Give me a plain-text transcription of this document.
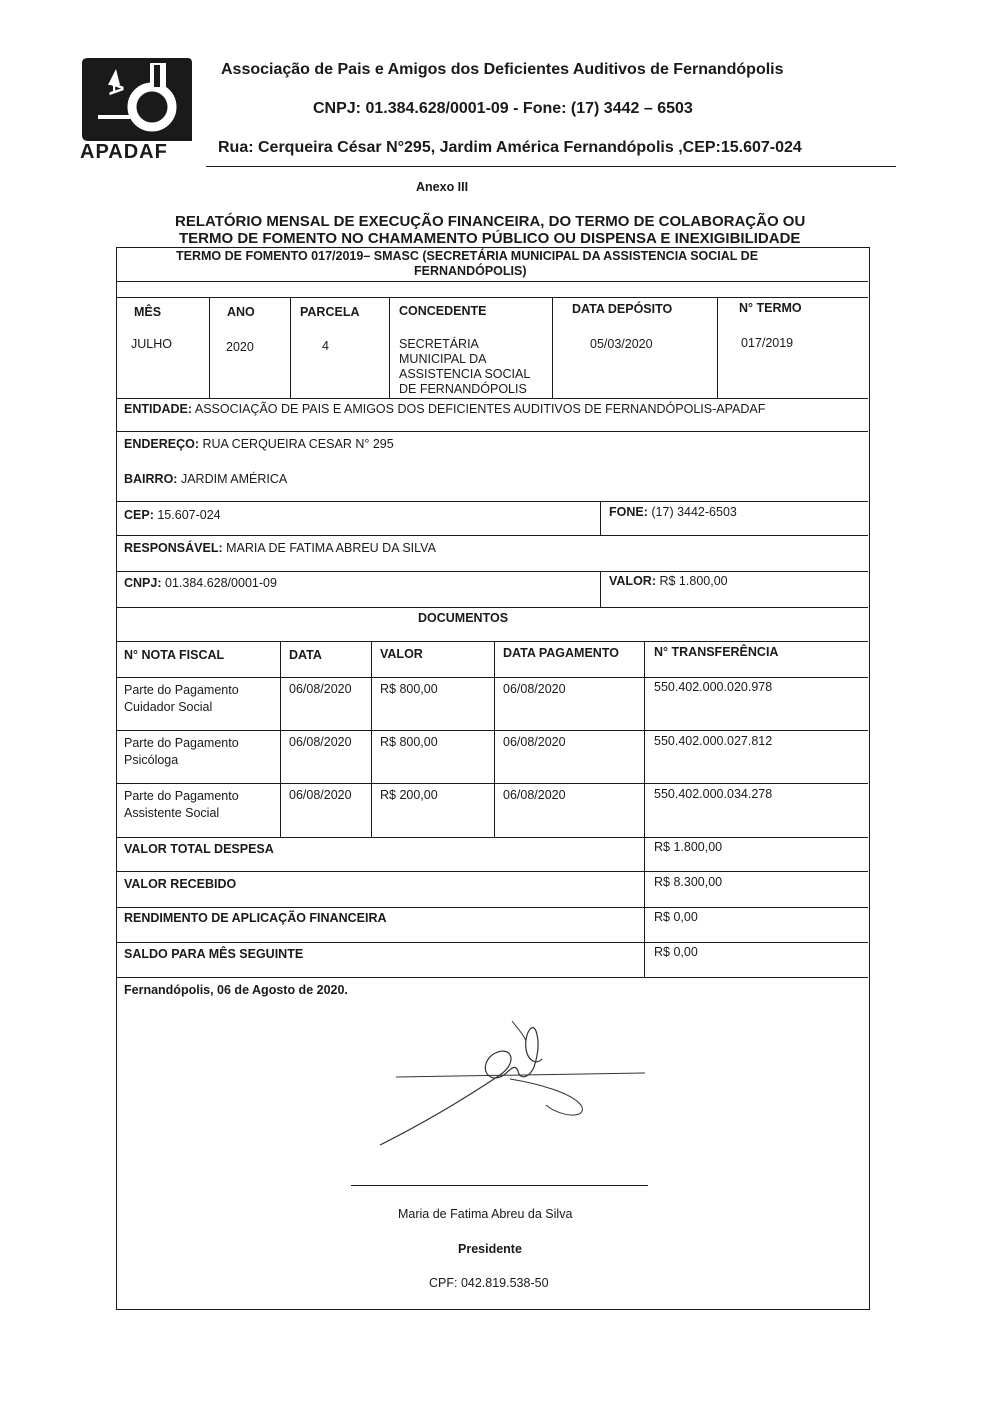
A
APADAF
Associação de Pais e Amigos dos Deficientes Auditivos de Fernandópolis
CNPJ: 01.384.628/0001-09 - Fone: (17) 3442 – 6503
Rua: Cerqueira César N°295, Jardim América Fernandópolis ,CEP:15.607-024
Anexo III
RELATÓRIO MENSAL DE EXECUÇÃO FINANCEIRA, DO TERMO DE COLABORAÇÃO OU
TERMO DE FOMENTO NO CHAMAMENTO PÚBLICO OU DISPENSA E INEXIGIBILIDADE
TERMO DE FOMENTO 017/2019– SMASC (SECRETÁRIA MUNICIPAL DA ASSISTENCIA SOCIAL DE
FERNANDÓPOLIS)
MÊS	ANO	PARCELA	CONCEDENTE	DATA DEPÓSITO	N° TERMO
JULHO	2020	4	SECRETÁRIA
MUNICIPAL DA
ASSISTENCIA SOCIAL
DE FERNANDÓPOLIS
05/03/2020	017/2019
ENTIDADE: ASSOCIAÇÃO DE PAIS E AMIGOS DOS DEFICIENTES AUDITIVOS DE FERNANDÓPOLIS-APADAF
ENDEREÇO: RUA CERQUEIRA CESAR N° 295
BAIRRO: JARDIM AMÉRICA
CEP: 15.607-024	FONE: (17) 3442-6503
RESPONSÁVEL: MARIA DE FATIMA ABREU DA SILVA
CNPJ: 01.384.628/0001-09	VALOR: R$ 1.800,00
DOCUMENTOS
N° NOTA FISCAL	DATA	VALOR	DATA PAGAMENTO	N° TRANSFERÊNCIA
Parte do Pagamento
Cuidador Social
06/08/2020 R$ 800,00	06/08/2020	550.402.000.020.978
Parte do Pagamento
Psicóloga
06/08/2020 R$ 800,00	06/08/2020	550.402.000.027.812
Parte do Pagamento
Assistente Social
06/08/2020 R$ 200,00	06/08/2020	550.402.000.034.278
VALOR TOTAL DESPESA	R$ 1.800,00
VALOR RECEBIDO	R$ 8.300,00
RENDIMENTO DE APLICAÇÃO FINANCEIRA	R$ 0,00
SALDO PARA MÊS SEGUINTE	R$ 0,00
Fernandópolis, 06 de Agosto de 2020.
Maria de Fatima Abreu da Silva
Presidente
CPF: 042.819.538-50
